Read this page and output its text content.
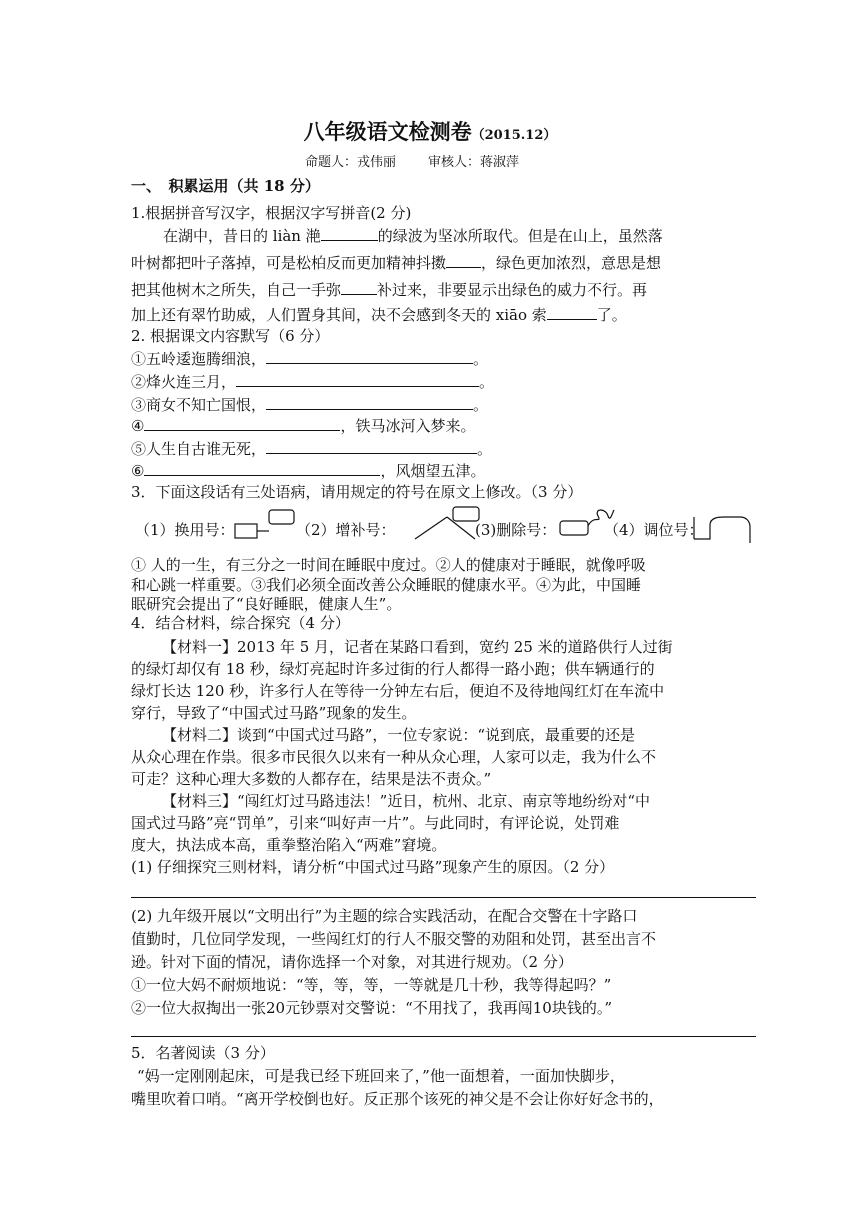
八年级语文检测卷（2015.12）
命题人：戎伟丽 审核人：蒋淑萍
一、　积累运用（共 18 分）
1.根据拼音写汉字，根据汉字写拼音(2 分)
在湖中，昔日的 liàn 滟	的绿波为坚冰所取代。但是在山上，虽然落
叶树都把叶子落掉，可是松柏反而更加精神抖擞 ，绿色更加浓烈，意思是想
把其他树木之所失，自己一手弥 补过来，非要显示出绿色的威力不行。再
加上还有翠竹助威，人们置身其间，决不会感到冬天的 xiāo 索	了。
2. 根据课文内容默写（6 分）
①五岭逶迤腾细浪，	。
②烽火连三月，	。
③商女不知亡国恨，	。
④	，铁马冰河入梦来。
⑤人生自古谁无死，	。
⑥	，风烟望五津。
3．下面这段话有三处语病，请用规定的符号在原文上修改。（3 分）
（1）换用号：	（2）增补号：	(3)删除号：	（4）调位号：
① 人的一生，有三分之一时间在睡眠中度过。②人的健康对于睡眠，就像呼吸
和心跳一样重要。③我们必须全面改善公众睡眠的健康水平。④为此，中国睡
眠研究会提出了“良好睡眠，健康人生”。
4．结合材料，综合探究（4 分）
【材料一】2013 年 5 月，记者在某路口看到，宽约 25 米的道路供行人过街
的绿灯却仅有 18 秒，绿灯亮起时许多过街的行人都得一路小跑；供车辆通行的
绿灯长达 120 秒，许多行人在等待一分钟左右后，便迫不及待地闯红灯在车流中
穿行，导致了“中国式过马路”现象的发生。
【材料二】谈到“中国式过马路”，一位专家说：“说到底，最重要的还是
从众心理在作祟。很多市民很久以来有一种从众心理，人家可以走，我为什么不
可走？这种心理大多数的人都存在，结果是法不责众。”
【材料三】“闯红灯过马路违法！”近日，杭州、北京、南京等地纷纷对“中
国式过马路”亮“罚单”，引来“叫好声一片”。与此同时，有评论说，处罚难
度大，执法成本高，重拳整治陷入“两难”窘境。
(1) 仔细探究三则材料，请分析“中国式过马路”现象产生的原因。（2 分）
(2) 九年级开展以“文明出行”为主题的综合实践活动，在配合交警在十字路口
值勤时，几位同学发现，一些闯红灯的行人不服交警的劝阻和处罚，甚至出言不
逊。针对下面的情况，请你选择一个对象，对其进行规劝。（2 分）
①一位大妈不耐烦地说：“等，等，等，一等就是几十秒，我等得起吗？”
②一位大叔掏出一张20元钞票对交警说：“不用找了，我再闯10块钱的。”
5．名著阅读（3 分）
“妈一定刚刚起床，可是我已经下班回来了，”他一面想着，一面加快脚步，
嘴里吹着口哨。“离开学校倒也好。反正那个该死的神父是不会让你好好念书的，
